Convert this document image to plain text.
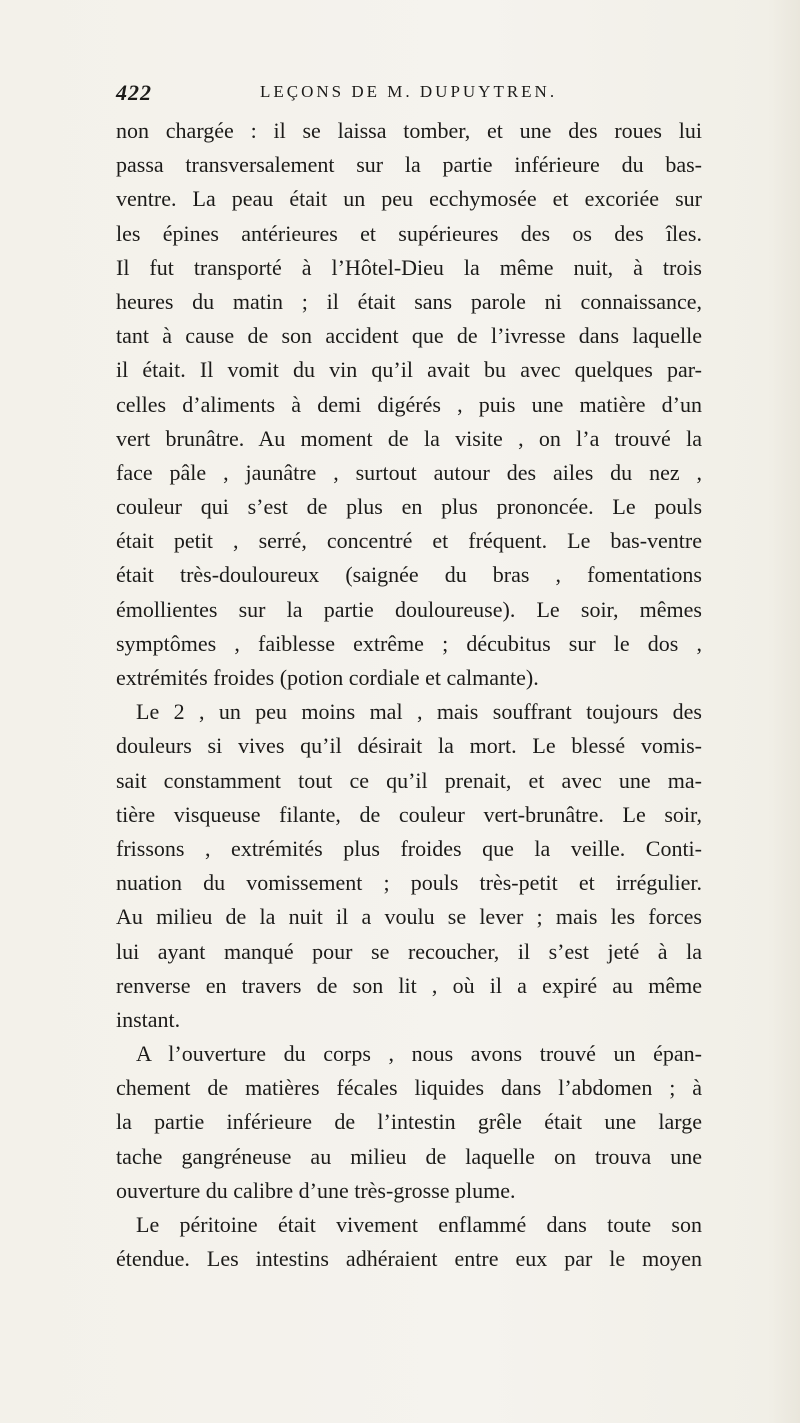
422	LEÇONS DE M. DUPUYTREN.
non chargée : il se laissa tomber, et une des roues lui
passa transversalement sur la partie inférieure du bas-
ventre. La peau était un peu ecchymosée et excoriée sur
les épines antérieures et supérieures des os des îles.
Il fut transporté à l’Hôtel-Dieu la même nuit, à trois
heures du matin ; il était sans parole ni connaissance,
tant à cause de son accident que de l’ivresse dans laquelle
il était. Il vomit du vin qu’il avait bu avec quelques par-
celles d’aliments à demi digérés , puis une matière d’un
vert brunâtre. Au moment de la visite , on l’a trouvé la
face pâle , jaunâtre , surtout autour des ailes du nez ,
couleur qui s’est de plus en plus prononcée. Le pouls
était petit , serré, concentré et fréquent. Le bas-ventre
était très-douloureux (saignée du bras , fomentations
émollientes sur la partie douloureuse). Le soir, mêmes
symptômes , faiblesse extrême ; décubitus sur le dos ,
extrémités froides (potion cordiale et calmante).
Le 2 , un peu moins mal , mais souffrant toujours des
douleurs si vives qu’il désirait la mort. Le blessé vomis-
sait constamment tout ce qu’il prenait, et avec une ma-
tière visqueuse filante, de couleur vert-brunâtre. Le soir,
frissons , extrémités plus froides que la veille. Conti-
nuation du vomissement ; pouls très-petit et irrégulier.
Au milieu de la nuit il a voulu se lever ; mais les forces
lui ayant manqué pour se recoucher, il s’est jeté à la
renverse en travers de son lit , où il a expiré au même
instant.
A l’ouverture du corps , nous avons trouvé un épan-
chement de matières fécales liquides dans l’abdomen ; à
la partie inférieure de l’intestin grêle était une large
tache gangréneuse au milieu de laquelle on trouva une
ouverture du calibre d’une très-grosse plume.
Le péritoine était vivement enflammé dans toute son
étendue. Les intestins adhéraient entre eux par le moyen
